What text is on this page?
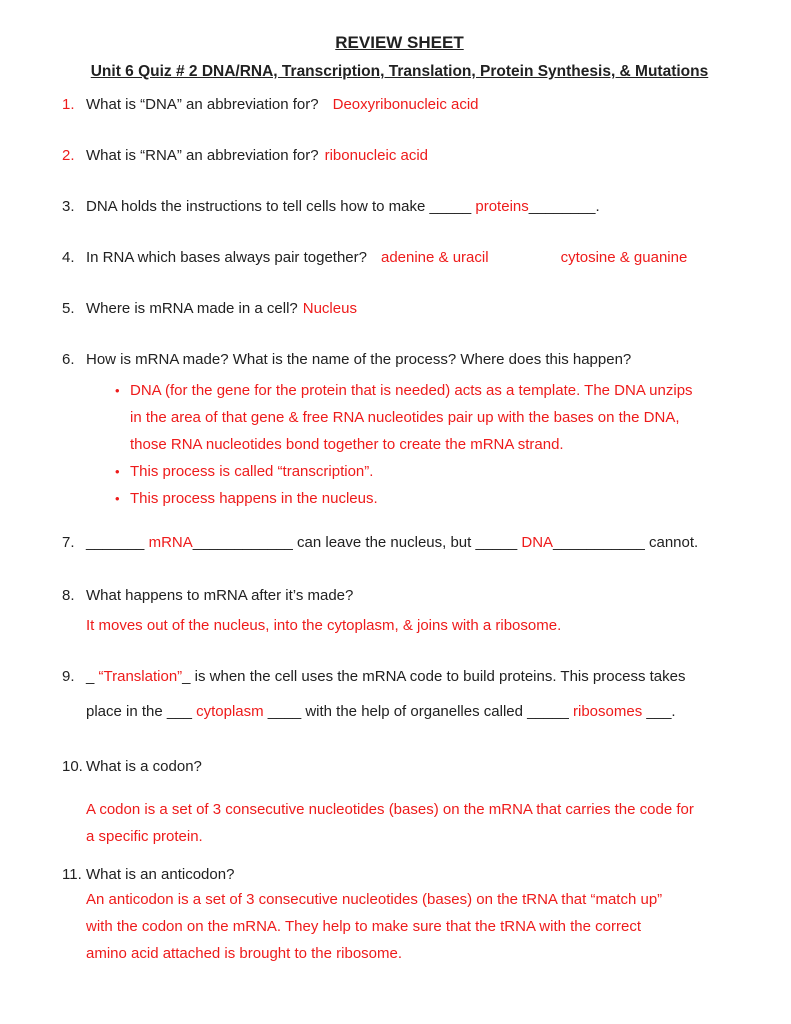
REVIEW SHEET
Unit 6 Quiz # 2 DNA/RNA, Transcription, Translation, Protein Synthesis, & Mutations
1. What is “DNA” an abbreviation for? Deoxyribonucleic acid
2. What is “RNA” an abbreviation for? ribonucleic acid
3. DNA holds the instructions to tell cells how to make _____ proteins________.
4. In RNA which bases always pair together? adenine & uracil	cytosine & guanine
5. Where is mRNA made in a cell? Nucleus
6. How is mRNA made? What is the name of the process? Where does this happen?
• DNA (for the gene for the protein that is needed) acts as a template. The DNA unzips
in the area of that gene & free RNA nucleotides pair up with the bases on the DNA,
those RNA nucleotides bond together to create the mRNA strand.
• This process is called “transcription”.
• This process happens in the nucleus.
7. _______ mRNA____________ can leave the nucleus, but _____ DNA___________ cannot.
8. What happens to mRNA after it’s made?
It moves out of the nucleus, into the cytoplasm, & joins with a ribosome.
9. _ “Translation”_ is when the cell uses the mRNA code to build proteins. This process takes
place in the ___ cytoplasm ____ with the help of organelles called _____ ribosomes ___.
10. What is a codon?
A codon is a set of 3 consecutive nucleotides (bases) on the mRNA that carries the code for
a specific protein.
11. What is an anticodon?
An anticodon is a set of 3 consecutive nucleotides (bases) on the tRNA that “match up”
with the codon on the mRNA. They help to make sure that the tRNA with the correct
amino acid attached is brought to the ribosome.
